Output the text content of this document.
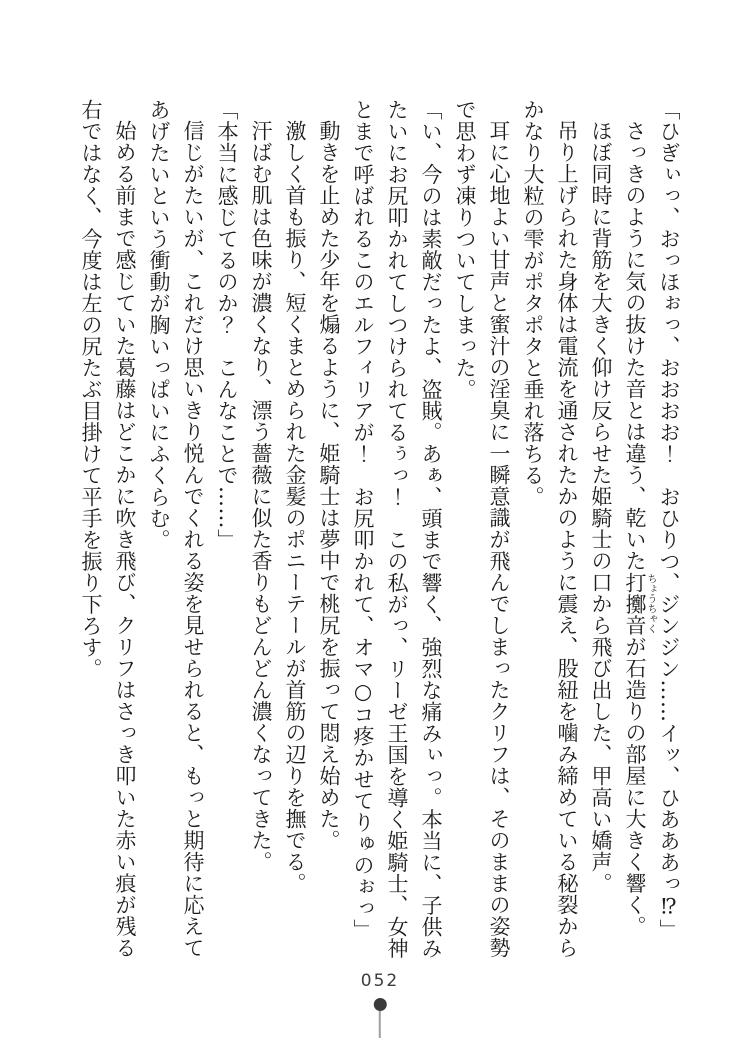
「ひぎぃっ、おっほぉっ、おおおお！　おひりつ、ジンジン……イッ、ひあああっ⁉」

さっきのように気の抜けた音とは違う、乾いた打擲
ちょうちゃく
音が石造りの部屋に大きく響く。

ほぼ同時に背筋を大きく仰け反らせた姫騎士の口から飛び出した、甲高い嬌声。

吊り上げられた身体は電流を通されたかのように震え、股紐を噛み締めている秘裂からかなり大粒の雫がポタポタと垂れ落ちる。

耳に心地よい甘声と蜜汁の淫臭に一瞬意識が飛んでしまったクリフは、そのままの姿勢で思わず凍りついてしまった。

「い、今のは素敵だったよ、盗賊。あぁ、頭まで響く、強烈な痛みぃっ。本当に、子供みたいにお尻叩かれてしつけられてるぅっ！　この私がっ、リーゼ王国を導く姫騎士、女神とまで呼ばれるこのエルフィリアが！　お尻叩かれて、オマ○コ疼かせてりゅのぉっ」

動きを止めた少年を煽るように、姫騎士は夢中で桃尻を振って悶え始めた。

激しく首も振り、短くまとめられた金髪のポニーテールが首筋の辺りを撫でる。

汗ばむ肌は色味が濃くなり、漂う薔薇に似た香りもどんどん濃くなってきた。

「本当に感じてるのか？　こんなことで……」

信じがたいが、これだけ思いきり悦んでくれる姿を見せられると、もっと期待に応えてあげたいという衝動が胸いっぱいにふくらむ。

始める前まで感じていた葛藤はどこかに吹き飛び、クリフはさっき叩いた赤い痕が残る右ではなく、今度は左の尻たぶ目掛けて平手を振り下ろす。

052
